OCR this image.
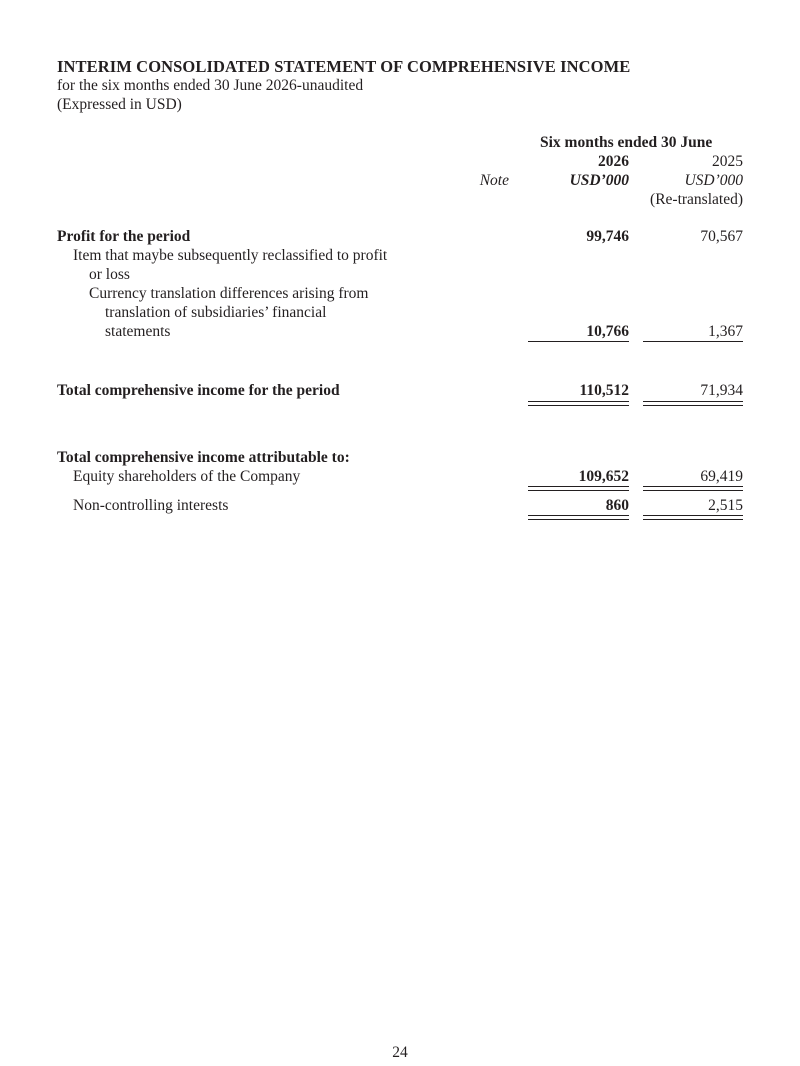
INTERIM CONSOLIDATED STATEMENT OF COMPREHENSIVE INCOME
for the six months ended 30 June 2026-unaudited
(Expressed in USD)
Six months ended 30 June
2026	2025
Note	USD’000	USD’000
(Re-translated)
Profit for the period	99,746	70,567
Item that maybe subsequently reclassified to profit
or loss
Currency translation differences arising from
translation of subsidiaries’ financial
statements	10,766	1,367
Total comprehensive income for the period	110,512	71,934
Total comprehensive income attributable to:
Equity shareholders of the Company	109,652	69,419
Non-controlling interests	860	2,515
24
